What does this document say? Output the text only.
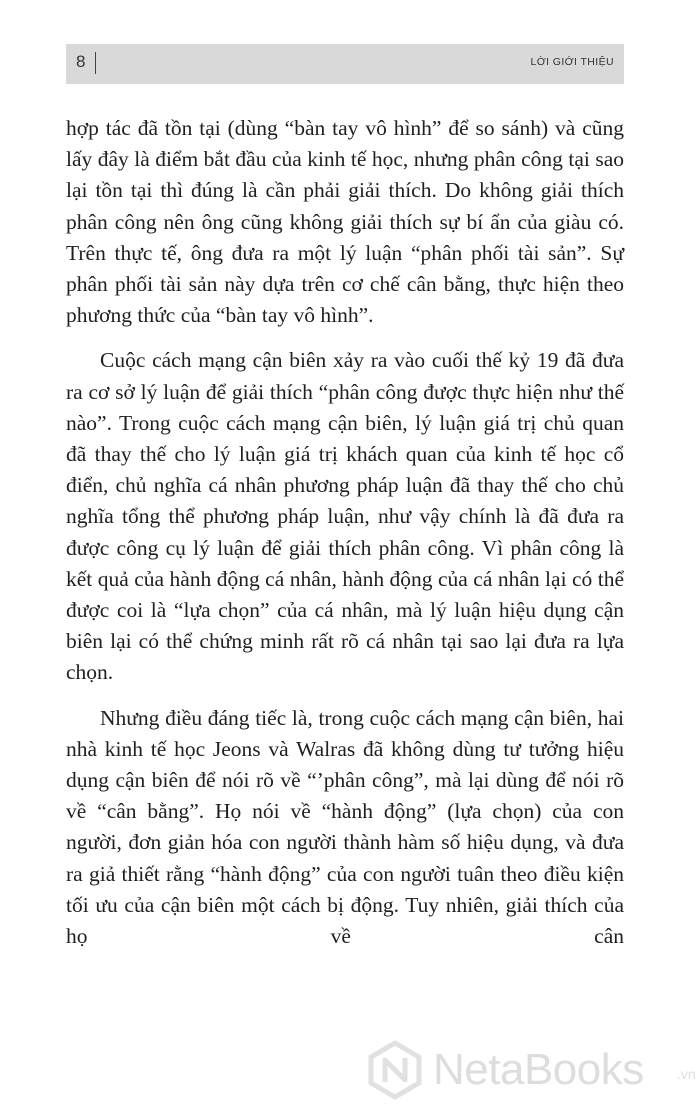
8	LỜI GIỚI THIỆU

hợp tác đã tồn tại (dùng “bàn tay vô hình” để so sánh) và cũng lấy đây là điểm bắt đầu của kinh tế học, nhưng phân công tại sao lại tồn tại thì đúng là cần phải giải thích. Do không giải thích phân công nên ông cũng không giải thích sự bí ẩn của giàu có. Trên thực tế, ông đưa ra một lý luận “phân phối tài sản”. Sự phân phối tài sản này dựa trên cơ chế cân bằng, thực hiện theo phương thức của “bàn tay vô hình”.

Cuộc cách mạng cận biên xảy ra vào cuối thế kỷ 19 đã đưa ra cơ sở lý luận để giải thích “phân công được thực hiện như thế nào”. Trong cuộc cách mạng cận biên, lý luận giá trị chủ quan đã thay thế cho lý luận giá trị khách quan của kinh tế học cổ điển, chủ nghĩa cá nhân phương pháp luận đã thay thế cho chủ nghĩa tổng thể phương pháp luận, như vậy chính là đã đưa ra được công cụ lý luận để giải thích phân công. Vì phân công là kết quả của hành động cá nhân, hành động của cá nhân lại có thể được coi là “lựa chọn” của cá nhân, mà lý luận hiệu dụng cận biên lại có thể chứng minh rất rõ cá nhân tại sao lại đưa ra lựa chọn.

Nhưng điều đáng tiếc là, trong cuộc cách mạng cận biên, hai nhà kinh tế học Jeons và Walras đã không dùng tư tưởng hiệu dụng cận biên để nói rõ về “’phân công”, mà lại dùng để nói rõ về “cân bằng”. Họ nói về “hành động” (lựa chọn) của con người, đơn giản hóa con người thành hàm số hiệu dụng, và đưa ra giả thiết rằng “hành động” của con người tuân theo điều kiện tối ưu của cận biên một cách bị động. Tuy nhiên, giải thích của họ về cân

NetaBooks .vn
